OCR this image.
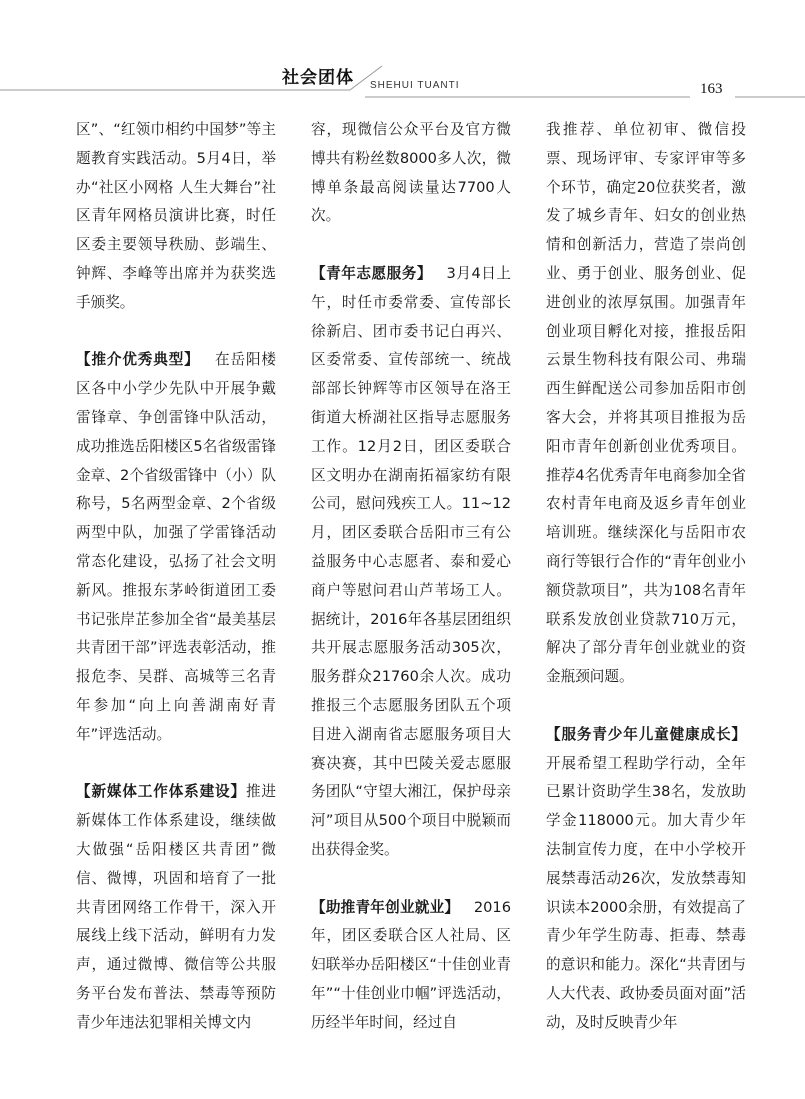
社会团体 SHEHUI TUANTI	163

区”、“红领巾相约中国梦”等主题教育实践活动。5月4日，举办“社区小网格 人生大舞台”社区青年网格员演讲比赛，时任区委主要领导秩励、彭端生、钟辉、李峰等出席并为获奖选手颁奖。

【推介优秀典型】  在岳阳楼区各中小学少先队中开展争戴雷锋章、争创雷锋中队活动，成功推选岳阳楼区5名省级雷锋金章、2个省级雷锋中（小）队称号，5名两型金章、2个省级两型中队，加强了学雷锋活动常态化建设，弘扬了社会文明新风。推报东茅岭街道团工委书记张岸芷参加全省“最美基层共青团干部”评选表彰活动，推报危李、吴群、高城等三名青年参加“向上向善湖南好青年”评选活动。

【新媒体工作体系建设】推进新媒体工作体系建设，继续做大做强“岳阳楼区共青团”微信、微博，巩固和培育了一批共青团网络工作骨干，深入开展线上线下活动，鲜明有力发声，通过微博、微信等公共服务平台发布普法、禁毒等预防青少年违法犯罪相关博文内

容，现微信公众平台及官方微博共有粉丝数8000多人次，微博单条最高阅读量达7700人次。

【青年志愿服务】  3月4日上午，时任市委常委、宣传部长徐新启、团市委书记白再兴、区委常委、宣传部统一、统战部部长钟辉等市区领导在洛王街道大桥湖社区指导志愿服务工作。12月2日，团区委联合区文明办在湖南拓福家纺有限公司，慰问残疾工人。11~12月，团区委联合岳阳市三有公益服务中心志愿者、泰和爱心商户等慰问君山芦苇场工人。据统计，2016年各基层团组织共开展志愿服务活动305次，服务群众21760余人次。成功推报三个志愿服务团队五个项目进入湖南省志愿服务项目大赛决赛，其中巴陵关爱志愿服务团队“守望大湘江，保护母亲河”项目从500个项目中脱颖而出获得金奖。

【助推青年创业就业】  2016年，团区委联合区人社局、区妇联举办岳阳楼区“十佳创业青年”“十佳创业巾帼”评选活动，历经半年时间，经过自

我推荐、单位初审、微信投票、现场评审、专家评审等多个环节，确定20位获奖者，激发了城乡青年、妇女的创业热情和创新活力，营造了崇尚创业、勇于创业、服务创业、促进创业的浓厚氛围。加强青年创业项目孵化对接，推报岳阳云景生物科技有限公司、弗瑞西生鲜配送公司参加岳阳市创客大会，并将其项目推报为岳阳市青年创新创业优秀项目。推荐4名优秀青年电商参加全省农村青年电商及返乡青年创业培训班。继续深化与岳阳市农商行等银行合作的“青年创业小额贷款项目”，共为108名青年联系发放创业贷款710万元，解决了部分青年创业就业的资金瓶颈问题。

【服务青少年儿童健康成长】开展希望工程助学行动，全年已累计资助学生38名，发放助学金118000元。加大青少年法制宣传力度，在中小学校开展禁毒活动26次，发放禁毒知识读本2000余册，有效提高了青少年学生防毒、拒毒、禁毒的意识和能力。深化“共青团与人大代表、政协委员面对面”活动，及时反映青少年
